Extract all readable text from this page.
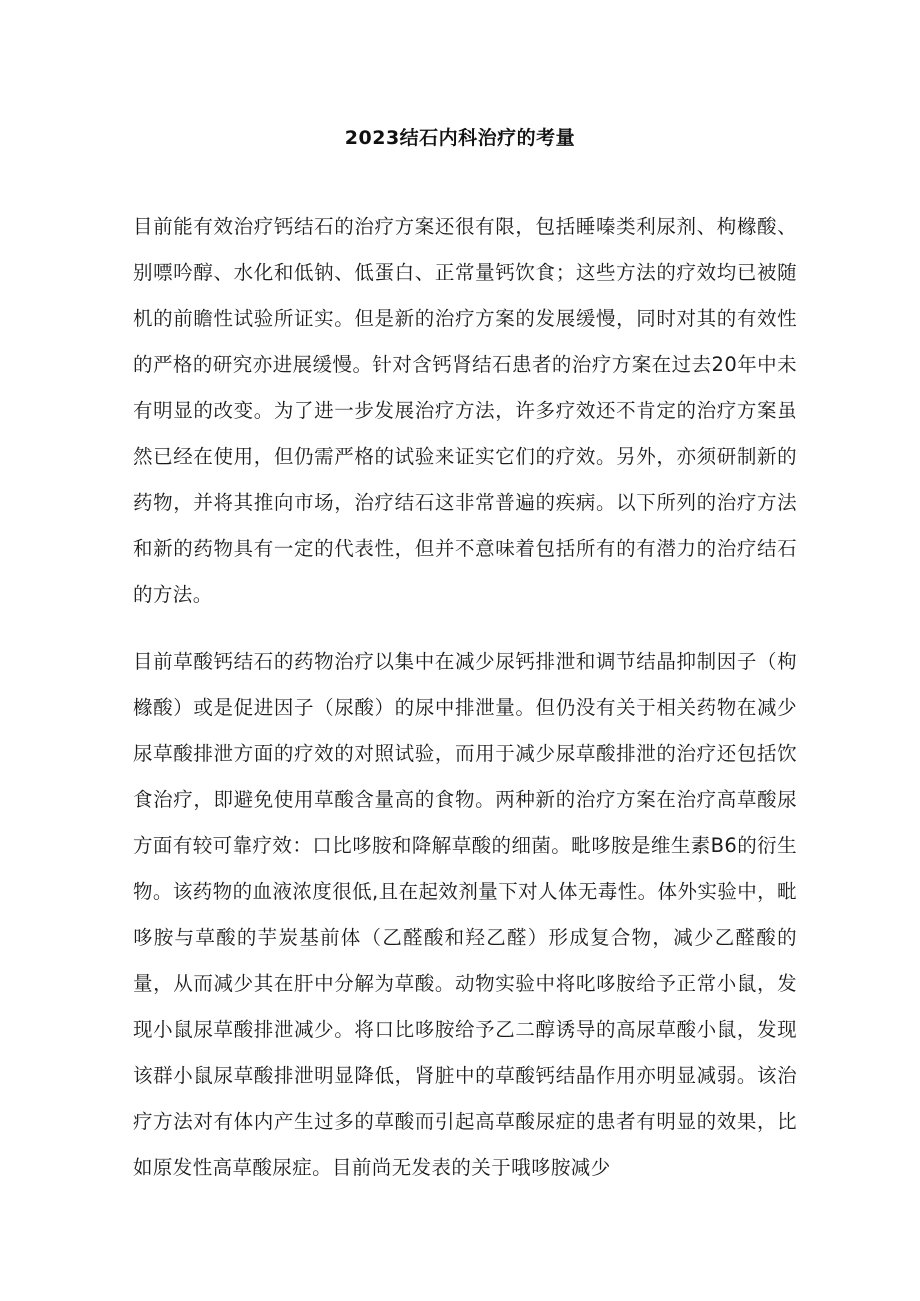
2023结石内科治疗的考量

目前能有效治疗钙结石的治疗方案还很有限，包括睡嗪类利尿剂、枸橼酸、别嘌吟醇、水化和低钠、低蛋白、正常量钙饮食；这些方法的疗效均已被随机的前瞻性试验所证实。但是新的治疗方案的发展缓慢，同时对其的有效性的严格的研究亦进展缓慢。针对含钙肾结石患者的治疗方案在过去20年中未有明显的改变。为了进一步发展治疗方法，许多疗效还不肯定的治疗方案虽然已经在使用，但仍需严格的试验来证实它们的疗效。另外，亦须研制新的药物，并将其推向市场，治疗结石这非常普遍的疾病。以下所列的治疗方法和新的药物具有一定的代表性，但并不意味着包括所有的有潜力的治疗结石的方法。

目前草酸钙结石的药物治疗以集中在减少尿钙排泄和调节结晶抑制因子（枸橼酸）或是促进因子（尿酸）的尿中排泄量。但仍没有关于相关药物在减少尿草酸排泄方面的疗效的对照试验，而用于减少尿草酸排泄的治疗还包括饮食治疗，即避免使用草酸含量高的食物。两种新的治疗方案在治疗高草酸尿方面有较可靠疗效：口比哆胺和降解草酸的细菌。毗哆胺是维生素B6的衍生物。该药物的血液浓度很低,且在起效剂量下对人体无毒性。体外实验中，毗哆胺与草酸的芋炭基前体（乙醛酸和羟乙醛）形成复合物，减少乙醛酸的量，从而减少其在肝中分解为草酸。动物实验中将叱哆胺给予正常小鼠，发现小鼠尿草酸排泄减少。将口比哆胺给予乙二醇诱导的高尿草酸小鼠，发现该群小鼠尿草酸排泄明显降低，肾脏中的草酸钙结晶作用亦明显减弱。该治疗方法对有体内产生过多的草酸而引起高草酸尿症的患者有明显的效果，比如原发性高草酸尿症。目前尚无发表的关于哦哆胺减少
